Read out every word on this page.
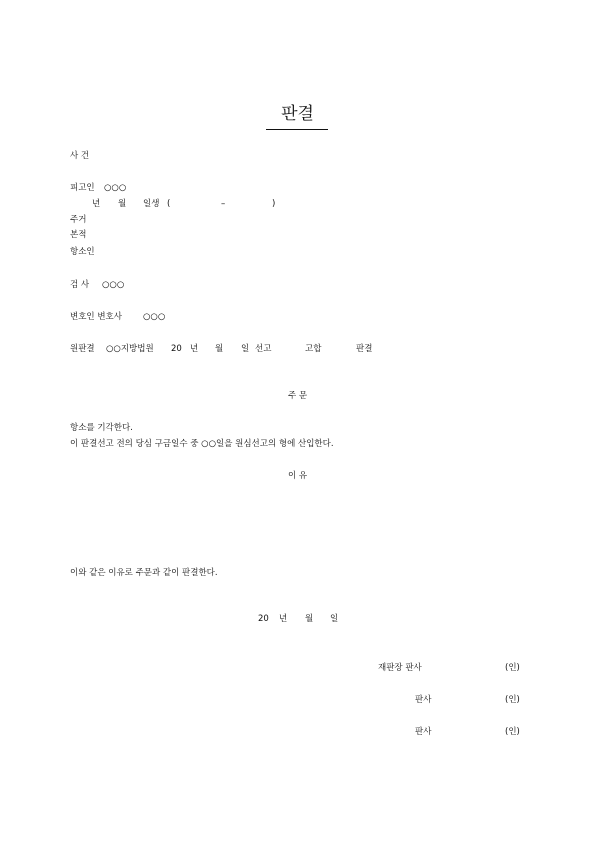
판결
사 건
피고인 ○○○
년 월 일생 (	–	)
주거
본적
항소인
검 사 ○○○
변호인 변호사 ○○○
원판결 ○○지방법원 20 년 월 일 선고	고합	판결
주 문
항소를 기각한다.
이 판결선고 전의 당심 구금일수 중 ○○일을 원심선고의 형에 산입한다.
이 유
이와 같은 이유로 주문과 같이 판결한다.
20 년 월 일
재판장 판사	(인)
판사	(인)
판사	(인)
